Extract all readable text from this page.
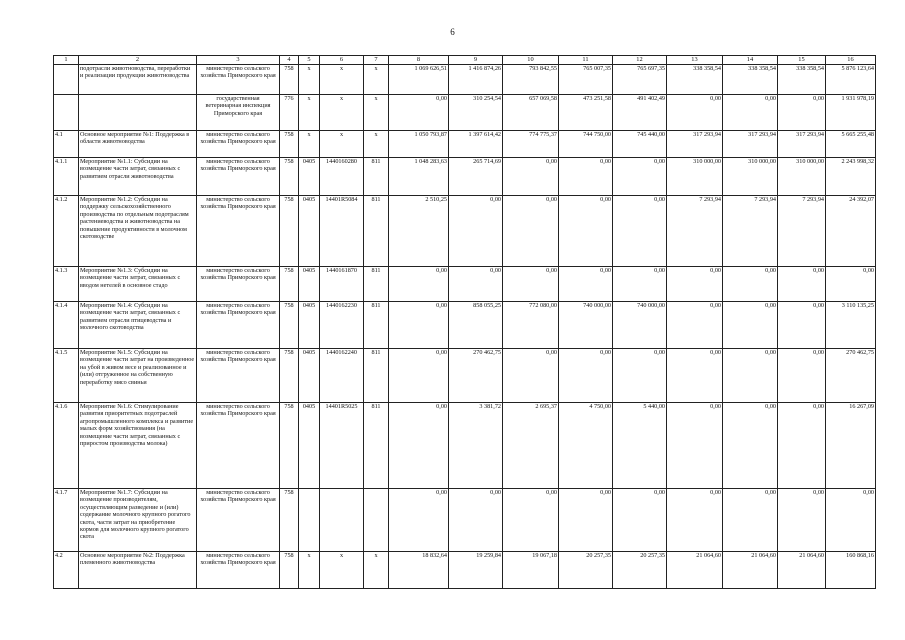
6
1	2	3	4	5	6	7	8	9	10	11	12	13	14	15	16
	подотрасли животноводства, переработки и реализации продукции животноводства	министерство сельского хозяйства Приморского края	758	x	x	x	1 069 626,51	1 416 874,26	793 842,55	765 007,35	765 697,35	338 358,54	338 358,54	338 358,54	5 876 123,64
		государственная ветеринарная инспекция Приморского края	776	x	x	x	0,00	310 254,54	657 069,58	473 251,58	491 402,49	0,00	0,00	0,00	1 931 978,19
4.1	Основное мероприятие №1: Поддержка в области животноводства	министерство сельского хозяйства Приморского края	758	x	x	x	1 050 793,87	1 397 614,42	774 775,37	744 750,00	745 440,00	317 293,94	317 293,94	317 293,94	5 665 255,48
4.1.1	Мероприятие №1.1: Субсидии на возмещение части затрат, связанных с развитием отрасли животноводства	министерство сельского хозяйства Приморского края	758	0405	1440160280	811	1 048 283,63	265 714,69	0,00	0,00	0,00	310 000,00	310 000,00	310 000,00	2 243 998,32
4.1.2	Мероприятие №1.2: Субсидии на поддержку сельскохозяйственного производства по отдельным подотраслям растениеводства и животноводства на повышение продуктивности в молочном скотоводстве	министерство сельского хозяйства Приморского края	758	0405	14401R5084	811	2 510,25	0,00	0,00	0,00	0,00	7 293,94	7 293,94	7 293,94	24 392,07
4.1.3	Мероприятие №1.3: Субсидии на возмещение части затрат, связанных с вводом нетелей в основное стадо	министерство сельского хозяйства Приморского края	758	0405	1440161870	811	0,00	0,00	0,00	0,00	0,00	0,00	0,00	0,00	0,00
4.1.4	Мероприятие №1.4: Субсидии на возмещение части затрат, связанных с развитием отрасли птицеводства и молочного скотоводства	министерство сельского хозяйства Приморского края	758	0405	1440162230	811	0,00	858 055,25	772 080,00	740 000,00	740 000,00	0,00	0,00	0,00	3 110 135,25
4.1.5	Мероприятие №1.5: Субсидии на возмещение части затрат на произведенное на убой в живом весе и реализованное и (или) отгруженное на собственную переработку мясо свиньи	министерство сельского хозяйства Приморского края	758	0405	1440162240	811	0,00	270 462,75	0,00	0,00	0,00	0,00	0,00	0,00	270 462,75
4.1.6	Мероприятие №1.6: Стимулирование развития приоритетных подотраслей агропромышленного комплекса и развитие малых форм хозяйствования (на возмещение части затрат, связанных с приростом производства молока)	министерство сельского хозяйства Приморского края	758	0405	14401R5025	811	0,00	3 381,72	2 695,37	4 750,00	5 440,00	0,00	0,00	0,00	16 267,09
4.1.7	Мероприятие №1.7: Субсидии на возмещение производителям, осуществляющим разведение и (или) содержание молочного крупного рогатого скота, части затрат на приобретение кормов для молочного крупного рогатого скота	министерство сельского хозяйства Приморского края	758				0,00	0,00	0,00	0,00	0,00	0,00	0,00	0,00	0,00
4.2	Основное мероприятие №2: Поддержка племенного животноводства	министерство сельского хозяйства Приморского края	758	x	x	x	18 832,64	19 259,84	19 067,18	20 257,35	20 257,35	21 064,60	21 064,60	21 064,60	160 868,16
